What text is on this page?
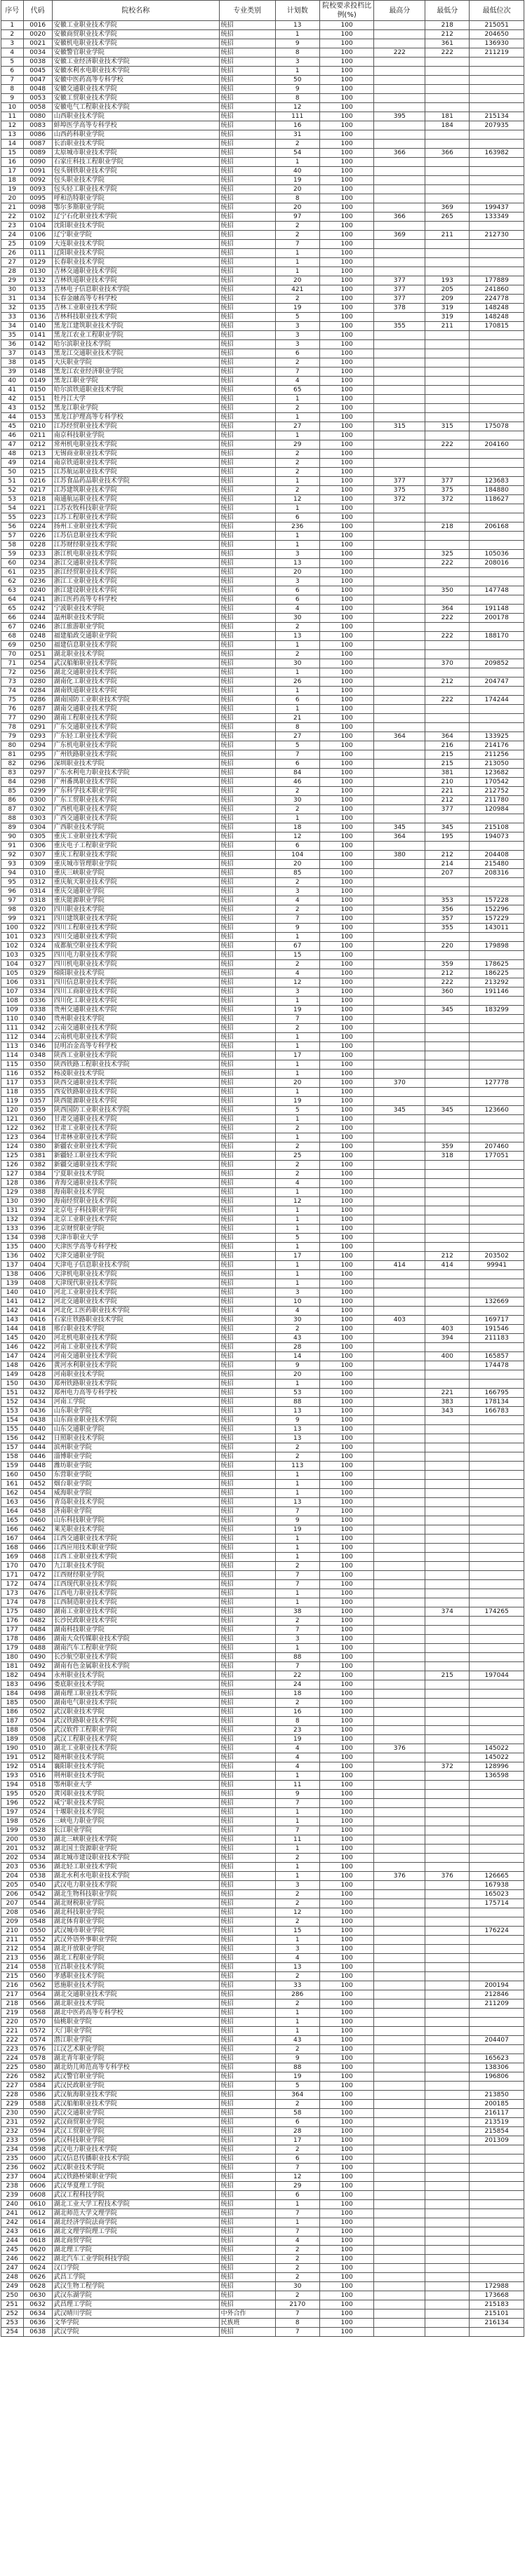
序号	代码	院校名称	专业类别	计划数	院校要求投档比例(%)	最高分	最低分	最低位次
1	0016	安徽工业职业技术学院	统招	13	100		218	215051
2	0020	安徽商贸职业技术学院	统招	1	100		212	204650
3	0021	安徽机电职业技术学院	统招	9	100		361	136930
4	0034	安徽警官职业学院	统招	8	100	222	222	211219
5	0038	安徽工业经济职业技术学院	统招	3	100			
6	0045	安徽水利水电职业技术学院	统招	1	100			
7	0047	安徽中医药高等专科学校	统招	50	100			
8	0048	安徽交通职业技术学院	统招	9	100			
9	0053	安徽工贸职业技术学院	统招	8	100			
10	0058	安徽电气工程职业技术学院	统招	12	100			
11	0080	山西职业技术学院	统招	111	100	395	181	215134
12	0083	蚌埠医学高等专科学校	统招	16	100		184	207935
13	0086	山西药科职业学院	统招	31	100			
14	0087	长治职业技术学院	统招	2	100			
15	0089	太原城市职业技术学院	统招	54	100	366	366	163982
16	0090	石家庄科技工程职业学院	统招	1	100			
17	0091	包头钢铁职业技术学院	统招	40	100			
18	0092	包头职业技术学院	统招	19	100			
19	0093	包头轻工职业技术学院	统招	20	100			
20	0095	呼和浩特职业学院	统招	8	100			
21	0098	鄂尔多斯职业学院	统招	20	100		369	199437
22	0102	辽宁石化职业技术学院	统招	97	100	366	265	133349
23	0104	沈阳职业技术学院	统招	2	100			
24	0106	辽宁职业学院	统招	2	100	369	211	212730
25	0109	大连职业技术学院	统招	7	100			
26	0111	辽阳职业技术学院	统招	1	100			
27	0129	长春职业技术学院	统招	1	100			
28	0130	吉林交通职业技术学院	统招	1	100			
29	0132	吉林铁道职业技术学院	统招	20	100	377	193	177889
30	0133	吉林电子信息职业技术学院	统招	421	100	377	205	241860
31	0134	长春金融高等专科学校	统招	2	100	377	209	224778
32	0135	吉林工业职业技术学院	统招	19	100	378	319	148248
33	0136	吉林科技职业技术学院	统招	5	100		319	148248
34	0140	黑龙江建筑职业技术学院	统招	3	100	355	211	170815
35	0141	黑龙江农业工程职业学院	统招	3	100			
36	0142	哈尔滨职业技术学院	统招	3	100			
37	0143	黑龙江交通职业技术学院	统招	6	100			
38	0145	大庆职业学院	统招	2	100			
39	0148	黑龙江农业经济职业学院	统招	7	100			
40	0149	黑龙江职业学院	统招	4	100			
41	0150	哈尔滨铁道职业技术学院	统招	65	100			
42	0151	牡丹江大学	统招	1	100			
43	0152	黑龙江职业学院	统招	2	100			
44	0153	黑龙江护理高等专科学校	统招	1	100			
45	0210	江苏经贸职业技术学院	统招	27	100	315	315	175078
46	0211	南京科技职业学院	统招	1	100			
47	0212	常州机电职业技术学院	统招	29	100		222	204160
48	0213	无锡商业职业技术学院	统招	2	100			
49	0214	南京铁道职业技术学院	统招	2	100			
50	0215	江苏航运职业技术学院	统招	2	100			
51	0216	江苏食品药品职业技术学院	统招	1	100	377	377	123683
52	0217	江苏建筑职业技术学院	统招	2	100	375	375	184880
53	0218	南通航运职业技术学院	统招	12	100	372	372	118627
54	0221	江苏农牧科技职业学院	统招	1	100			
55	0223	江苏工程职业技术学院	统招	6	100			
56	0224	扬州工业职业技术学院	统招	236	100		218	206168
57	0226	江苏信息职业技术学院	统招	1	100			
58	0228	江苏财经职业技术学院	统招	1	100			
59	0233	浙江机电职业技术学院	统招	3	100		325	105036
60	0234	浙江交通职业技术学院	统招	13	100		222	208016
61	0235	浙江经贸职业技术学院	统招	20	100			
62	0236	浙江工业职业技术学院	统招	3	100			
63	0240	浙江建设职业技术学院	统招	6	100		350	147748
64	0241	浙江医药高等专科学校	统招	6	100			
65	0242	宁波职业技术学院	统招	4	100		364	191148
66	0244	温州职业技术学院	统招	30	100		222	200178
67	0246	浙江旅游职业学院	统招	2	100			
68	0248	福建船政交通职业学院	统招	13	100		222	188170
69	0250	福建信息职业技术学院	统招	1	100			
70	0251	湖北职业技术学院	统招	2	100			
71	0254	武汉船舶职业技术学院	统招	30	100		370	209852
72	0256	湖北交通职业技术学院	统招	1	100			
73	0280	湖南化工职业技术学院	统招	26	100		212	204747
74	0284	湖南铁道职业技术学院	统招	1	100			
75	0286	湖南国防工业职业技术学院	统招	6	100		222	174244
76	0287	湖南交通职业技术学院	统招	1	100			
77	0290	湖南工程职业技术学院	统招	21	100			
78	0291	广东交通职业技术学院	统招	8	100			
79	0293	广东轻工职业技术学院	统招	27	100	364	364	133925
80	0294	广东机电职业技术学院	统招	5	100		216	214176
81	0295	广州铁路职业技术学院	统招	7	100		215	211256
82	0296	深圳职业技术学院	统招	6	100		215	213050
83	0297	广东水利电力职业技术学院	统招	84	100		381	123682
84	0298	广州番禺职业技术学院	统招	46	100		210	170542
85	0299	广东科学技术职业学院	统招	2	100		221	212752
86	0300	广东工贸职业技术学院	统招	30	100		212	211780
87	0302	广西机电职业技术学院	统招	2	100		377	120984
88	0303	广西交通职业技术学院	统招	1	100			
89	0304	广西职业技术学院	统招	18	100	345	345	215108
90	0305	重庆工业职业技术学院	统招	12	100	364	195	194073
91	0306	重庆电子工程职业学院	统招	6	100			
92	0307	重庆工程职业技术学院	统招	104	100	380	212	204408
93	0309	重庆城市管理职业学院	统招	20	100		214	215480
94	0310	重庆三峡职业学院	统招	85	100		207	208316
95	0312	重庆航天职业技术学院	统招	2	100			
96	0314	重庆交通职业学院	统招	3	100			
97	0318	重庆能源职业学院	统招	4	100		353	157228
98	0320	四川职业技术学院	统招	2	100		356	152296
99	0321	四川建筑职业技术学院	统招	7	100		357	157229
100	0322	四川工程职业技术学院	统招	9	100		355	143011
101	0323	四川交通职业技术学院	统招	1	100			
102	0324	成都航空职业技术学院	统招	67	100		220	179898
103	0325	四川电力职业技术学院	统招	15	100			
104	0327	四川机电职业技术学院	统招	2	100		359	178625
105	0329	绵阳职业技术学院	统招	4	100		212	186225
106	0331	四川信息职业技术学院	统招	12	100		222	213292
107	0334	四川工商职业技术学院	统招	3	100		360	191146
108	0336	四川化工职业技术学院	统招	1	100			
109	0338	贵州交通职业技术学院	统招	19	100		345	183299
110	0340	贵州职业技术学院	统招	7	100			
111	0342	云南交通职业技术学院	统招	2	100			
112	0344	云南机电职业技术学院	统招	1	100			
113	0346	昆明冶金高等专科学校	统招	1	100			
114	0348	陕西工业职业技术学院	统招	17	100			
115	0350	陕西铁路工程职业技术学院	统招	1	100			
116	0352	杨凌职业技术学院	统招	1	100			
117	0353	陕西交通职业技术学院	统招	20	100	370		127778
118	0355	西安铁路职业技术学院	统招	1	100			
119	0357	陕西能源职业技术学院	统招	19	100			
120	0359	陕西国防工业职业技术学院	统招	5	100	345	345	123660
121	0360	甘肃交通职业技术学院	统招	1	100			
122	0362	甘肃工业职业技术学院	统招	2	100			
123	0364	甘肃林业职业技术学院	统招	1	100			
124	0380	新疆农业职业技术学院	统招	2	100		359	207460
125	0381	新疆轻工职业技术学院	统招	25	100		318	177051
126	0382	新疆交通职业技术学院	统招	2	100			
127	0384	宁夏职业技术学院	统招	2	100			
128	0386	青海交通职业技术学院	统招	4	100			
129	0388	海南职业技术学院	统招	1	100			
130	0390	海南经贸职业技术学院	统招	12	100			
131	0392	北京电子科技职业学院	统招	1	100			
132	0394	北京工业职业技术学院	统招	1	100			
133	0396	北京财贸职业学院	统招	1	100			
134	0398	天津市职业大学	统招	5	100			
135	0400	天津医学高等专科学校	统招	1	100			
136	0402	天津交通职业学院	统招	17	100		212	203502
137	0404	天津电子信息职业技术学院	统招	1	100	414	414	99941
138	0406	天津机电职业技术学院	统招	1	100			
139	0408	天津现代职业技术学院	统招	1	100			
140	0410	河北工业职业技术学院	统招	3	100			
141	0412	河北交通职业技术学院	统招	10	100			132669
142	0414	河北化工医药职业技术学院	统招	4	100			
143	0416	石家庄铁路职业技术学院	统招	30	100	403		169717
144	0418	邢台职业技术学院	统招	2	100		403	191546
145	0420	河北机电职业技术学院	统招	43	100		394	211183
146	0422	河南工业职业技术学院	统招	28	100			
147	0424	河南交通职业技术学院	统招	14	100		400	165857
148	0426	黄河水利职业技术学院	统招	9	100			174478
149	0428	河南职业技术学院	统招	20	100			
150	0430	郑州铁路职业技术学院	统招	1	100			
151	0432	郑州电力高等专科学校	统招	53	100		221	166795
152	0434	河南工学院	统招	88	100		383	178134
153	0436	山东职业学院	统招	13	100		343	166783
154	0438	山东商业职业技术学院	统招	9	100			
155	0440	山东交通职业学院	统招	13	100			
156	0442	日照职业技术学院	统招	13	100			
157	0444	滨州职业学院	统招	2	100			
158	0446	淄博职业学院	统招	2	100			
159	0448	潍坊职业学院	统招	113	100			
160	0450	东营职业学院	统招	1	100			
161	0452	烟台职业学院	统招	1	100			
162	0454	威海职业学院	统招	1	100			
163	0456	青岛职业技术学院	统招	13	100			
164	0458	济南职业学院	统招	7	100			
165	0460	山东科技职业学院	统招	9	100			
166	0462	莱芜职业技术学院	统招	19	100			
167	0464	江西交通职业技术学院	统招	1	100			
168	0466	江西应用技术职业学院	统招	1	100			
169	0468	江西工业职业技术学院	统招	1	100			
170	0470	九江职业技术学院	统招	2	100			
171	0472	江西财经职业学院	统招	7	100			
172	0474	江西现代职业技术学院	统招	7	100			
173	0476	江西电力职业技术学院	统招	1	100			
174	0478	江西制造职业技术学院	统招	1	100			
175	0480	湖南工业职业技术学院	统招	38	100		374	174265
176	0482	长沙民政职业技术学院	统招	2	100			
177	0484	湖南科技职业学院	统招	7	100			
178	0486	湖南大众传媒职业技术学院	统招	3	100			
179	0488	湖南汽车工程职业学院	统招	1	100			
180	0490	长沙航空职业技术学院	统招	88	100			
181	0492	湖南有色金属职业技术学院	统招	7	100			
182	0494	永州职业技术学院	统招	22	100		215	197044
183	0496	娄底职业技术学院	统招	24	100			
184	0498	湖南理工职业技术学院	统招	18	100			
185	0500	湖南电气职业技术学院	统招	2	100			
186	0502	武汉职业技术学院	统招	16	100			
187	0504	武汉铁路职业技术学院	统招	8	100			
188	0506	武汉软件工程职业学院	统招	23	100			
189	0508	武汉工程职业技术学院	统招	19	100			
190	0510	湖北工业职业技术学院	统招	4	100	376		145022
191	0512	随州职业技术学院	统招	4	100			145022
192	0514	襄阳职业技术学院	统招	4	100		372	128996
193	0516	荆州职业技术学院	统招	1	100			136598
194	0518	鄂州职业大学	统招	11	100			
195	0520	黄冈职业技术学院	统招	9	100			
196	0522	咸宁职业技术学院	统招	7	100			
197	0524	十堰职业技术学院	统招	1	100			
198	0526	三峡电力职业学院	统招	1	100			
199	0528	长江职业学院	统招	7	100			
200	0530	湖北三峡职业技术学院	统招	11	100			
201	0532	湖北国土资源职业学院	统招	1	100			
202	0534	湖北城市建设职业技术学院	统招	2	100			
203	0536	湖北轻工职业技术学院	统招	1	100			
204	0538	湖北水利水电职业技术学院	统招	1	100	376	376	126665
205	0540	武汉电力职业技术学院	统招	3	100			167938
206	0542	湖北生物科技职业学院	统招	2	100			165023
207	0544	湖北财税职业学院	统招	2	100			175714
208	0546	湖北科技职业学院	统招	12	100			
209	0548	湖北体育职业学院	统招	2	100			
210	0550	武汉城市职业学院	统招	15	100			176224
211	0552	武汉外语外事职业学院	统招	1	100			
212	0554	湖北开放职业学院	统招	3	100			
213	0556	湖北工程职业学院	统招	4	100			
214	0558	宜昌职业技术学院	统招	13	100			
215	0560	孝感职业技术学院	统招	2	100			
216	0562	恩施职业技术学院	统招	33	100			200194
217	0564	湖北交通职业技术学院	统招	286	100			212846
218	0566	湖北职业技术学院	统招	2	100			211209
219	0568	湖北中医药高等专科学校	统招	1	100			
220	0570	仙桃职业学院	统招	1	100			
221	0572	天门职业学院	统招	1	100			
222	0574	潜江职业学院	统招	43	100			204407
223	0576	江汉艺术职业学院	统招	2	100			
224	0578	湖北青年职业学院	统招	9	100			165623
225	0580	湖北幼儿师范高等专科学校	统招	88	100			138306
226	0582	武汉警官职业学院	统招	19	100			196806
227	0584	武汉民政职业学院	统招	5	100			
228	0586	武汉航海职业技术学院	统招	364	100			213850
229	0588	武汉船舶职业技术学院	统招	2	100			200185
230	0590	武汉交通职业学院	统招	58	100			216117
231	0592	武汉商贸职业学院	统招	6	100			213519
232	0594	武汉工贸职业学院	统招	28	100			215854
233	0596	武汉科技职业学院	统招	17	100			201309
234	0598	武汉电力职业技术学院	统招	2	100			
235	0600	武汉信息传播职业技术学院	统招	6	100			
236	0602	武汉职业技术学院	统招	7	100			
237	0604	武汉铁路桥梁职业学院	统招	12	100			
238	0606	武汉华夏理工学院	统招	29	100			
239	0608	武汉工程科技学院	统招	6	100			
240	0610	湖北工业大学工程技术学院	统招	1	100			
241	0612	湖北师范大学文理学院	统招	7	100			
242	0614	湖北经济学院法商学院	统招	1	100			
243	0616	湖北文理学院理工学院	统招	7	100			
244	0618	湖北商贸学院	统招	4	100			
245	0620	湖北理工学院	统招	2	100			
246	0622	湖北汽车工业学院科技学院	统招	2	100			
247	0624	汉口学院	统招	2	100			
248	0626	武昌工学院	统招	2	100			
249	0628	武汉生物工程学院	统招	30	100			172988
250	0630	武汉东湖学院	统招	2	100			173668
251	0632	武昌理工学院	统招	2170	100			215183
252	0634	武汉晴川学院	中外合作	7	100			215101
253	0636	文华学院	民族班	8	100			216134
254	0638	武汉学院	统招	7	100			
